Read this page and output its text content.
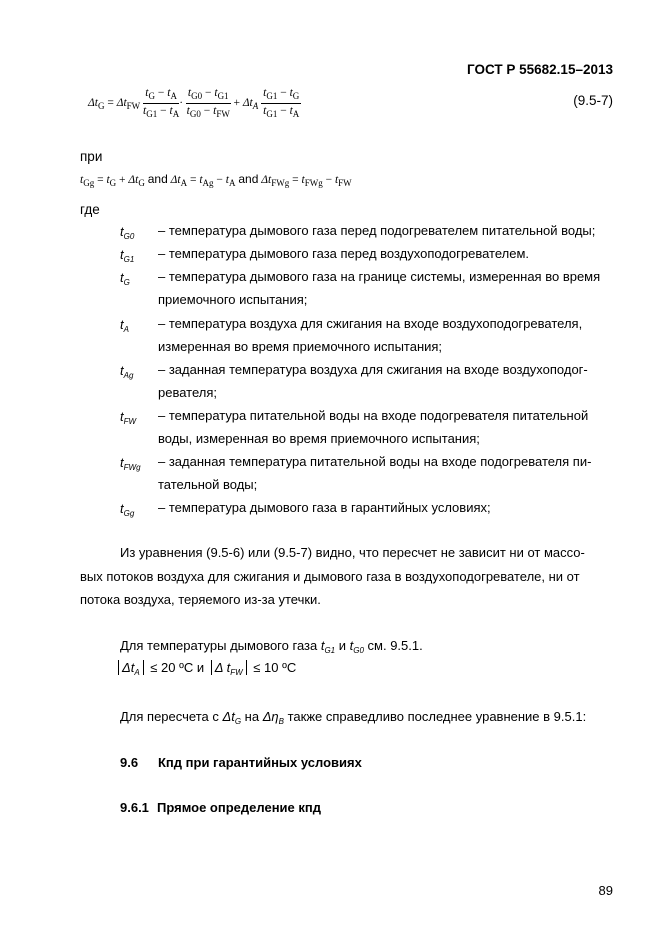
ГОСТ Р 55682.15–2013
$\Delta t_G = \Delta t_{FW} \frac{t_G - t_A}{t_{G1} - t_A} \cdot \frac{t_{G0} - t_{G1}}{t_{G0} - t_{FW}} + \Delta t_A \frac{t_{G1} - t_G}{t_{G1} - t_A}$	(9.5-7)
при
$t_{Gg} = t_G + \Delta t_G$ and $\Delta t_A = t_{Ag} - t_A$ and $\Delta t_{FWg} = t_{FWg} - t_{FW}$
где
$t_{G0}$ – температура дымового газа перед подогревателем питательной воды;
$t_{G1}$ – температура дымового газа перед воздухоподогревателем.
$t_G$ – температура дымового газа на границе системы, измеренная во время
приемочного испытания;
$t_A$ – температура воздуха для сжигания на входе воздухоподогревателя,
измеренная во время приемочного испытания;
$t_{Ag}$ – заданная температура воздуха для сжигания на входе воздухоподог-
ревателя;
$t_{FW}$ – температура питательной воды на входе подогревателя питательной
воды, измеренная во время приемочного испытания;
$t_{FWg}$ – заданная температура питательной воды на входе подогревателя пи-
тательной воды;
$t_{Gg}$ – температура дымового газа в гарантийных условиях;
Из уравнения (9.5-6) или (9.5-7) видно, что пересчет не зависит ни от массо-
вых потоков воздуха для сжигания и дымового газа в воздухоподогревателе, ни от
потока воздуха, теряемого из-за утечки.
Для температуры дымового газа $t_{G1}$ и $t_{G0}$ см. 9.5.1.
$\Delta t_A \le 20$ ºC и Δ $t_{FW} \le 10$ ºC
Для пересчета с $\Delta t_G$ на $\Delta\eta_B$ также справедливо последнее уравнение в 9.5.1:
9.6 Кпд при гарантийных условиях
9.6.1 Прямое определение кпд
89
